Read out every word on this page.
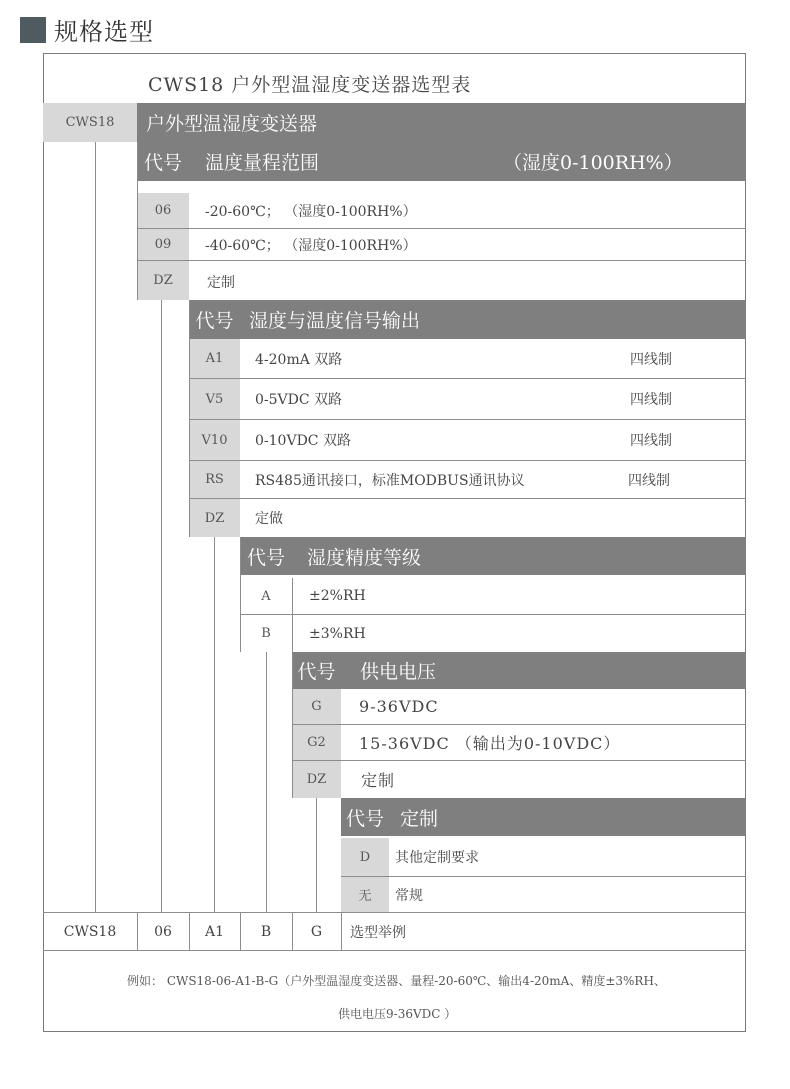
规格选型
CWS18 户外型温湿度变送器选型表
CWS18	户外型温湿度变送器
代号	温度量程范围	（湿度0-100RH%）
06	-20-60℃； （湿度0-100RH%）
09	-40-60℃； （湿度0-100RH%）
DZ	定制
代号 湿度与温度信号输出
A1	4-20mA 双路	四线制
V5	0-5VDC 双路	四线制
V10	0-10VDC 双路	四线制
RS	RS485通讯接口，标准MODBUS通讯协议	四线制
DZ	定做
代号	湿度精度等级
A	±2%RH
B	±3%RH
代号 供电电压
G	9-36VDC
G2	15-36VDC （输出为0-10VDC）
DZ	定制
代号 定制
D	其他定制要求
无	常规
CWS18	06	A1	B	G	选型举例
例如： CWS18-06-A1-B-G（户外型温湿度变送器、量程-20-60℃、输出4-20mA、精度±3%RH、
供电电压9-36VDC ）
